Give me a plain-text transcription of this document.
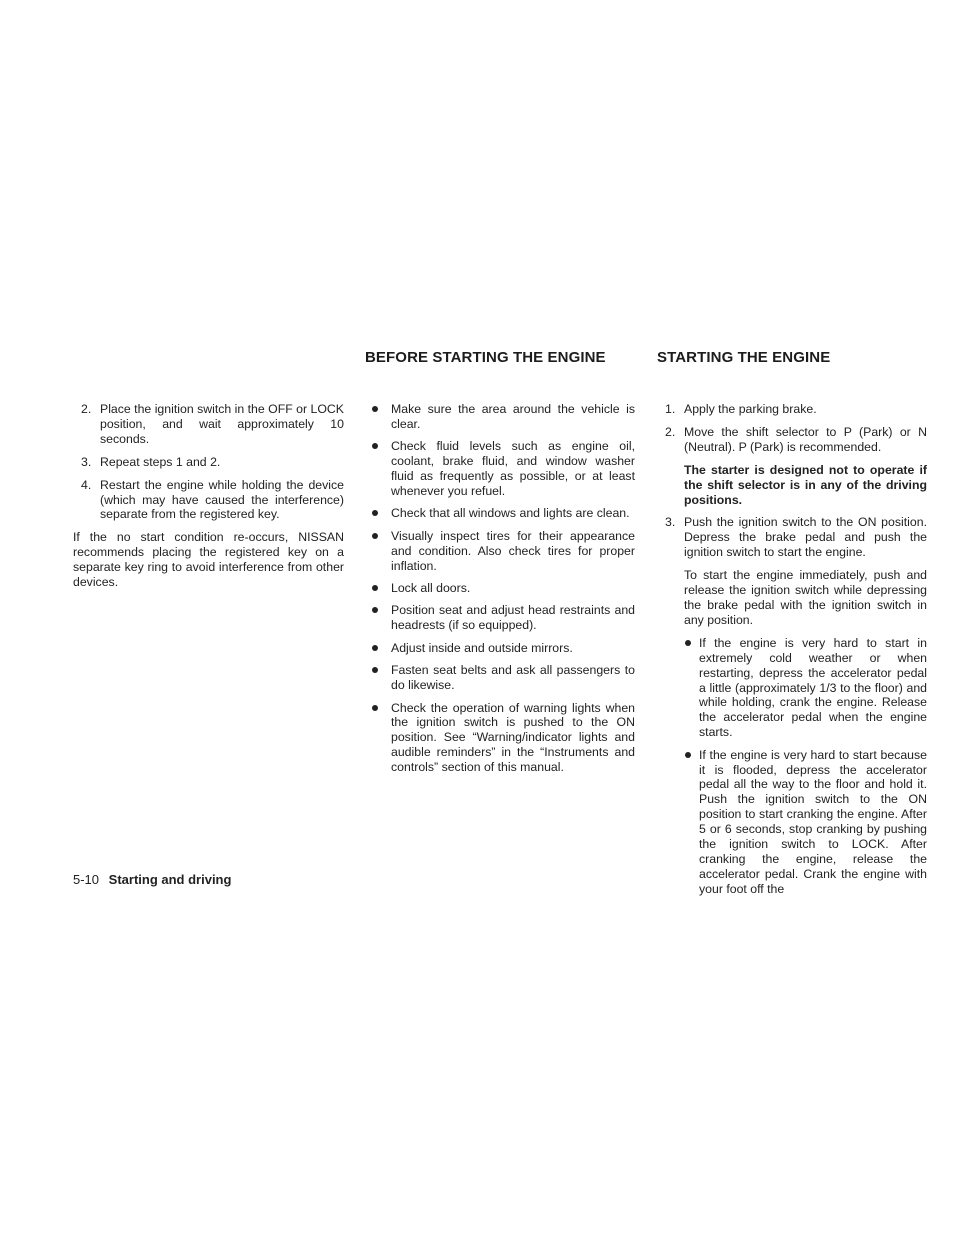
BEFORE STARTING THE ENGINE	STARTING THE ENGINE
2. Place the ignition switch in the OFF or LOCK position, and wait approximately 10 seconds.
3. Repeat steps 1 and 2.
4. Restart the engine while holding the device (which may have caused the interference) separate from the registered key.

If the no start condition re-occurs, NISSAN recommends placing the registered key on a separate key ring to avoid interference from other devices.

Make sure the area around the vehicle is clear.
Check fluid levels such as engine oil, coolant, brake fluid, and window washer fluid as frequently as possible, or at least whenever you refuel.
Check that all windows and lights are clean.
Visually inspect tires for their appearance and condition. Also check tires for proper inflation.
Lock all doors.
Position seat and adjust head restraints and headrests (if so equipped).
Adjust inside and outside mirrors.
Fasten seat belts and ask all passengers to do likewise.
Check the operation of warning lights when the ignition switch is pushed to the ON position. See “Warning/indicator lights and audible reminders” in the “Instruments and controls” section of this manual.
1. Apply the parking brake.
2. Move the shift selector to P (Park) or N (Neutral). P (Park) is recommended.

The starter is designed not to operate if the shift selector is in any of the driving positions.

3. Push the ignition switch to the ON position. Depress the brake pedal and push the ignition switch to start the engine.

To start the engine immediately, push and release the ignition switch while depressing the brake pedal with the ignition switch in any position.

If the engine is very hard to start in extremely cold weather or when restarting, depress the accelerator pedal a little (approximately 1/3 to the floor) and while holding, crank the engine. Release the accelerator pedal when the engine starts.
If the engine is very hard to start because it is flooded, depress the accelerator pedal all the way to the floor and hold it. Push the ignition switch to the ON position to start cranking the engine. After 5 or 6 seconds, stop cranking by pushing the ignition switch to LOCK. After cranking the engine, release the accelerator pedal. Crank the engine with your foot off the
5-10 Starting and driving
